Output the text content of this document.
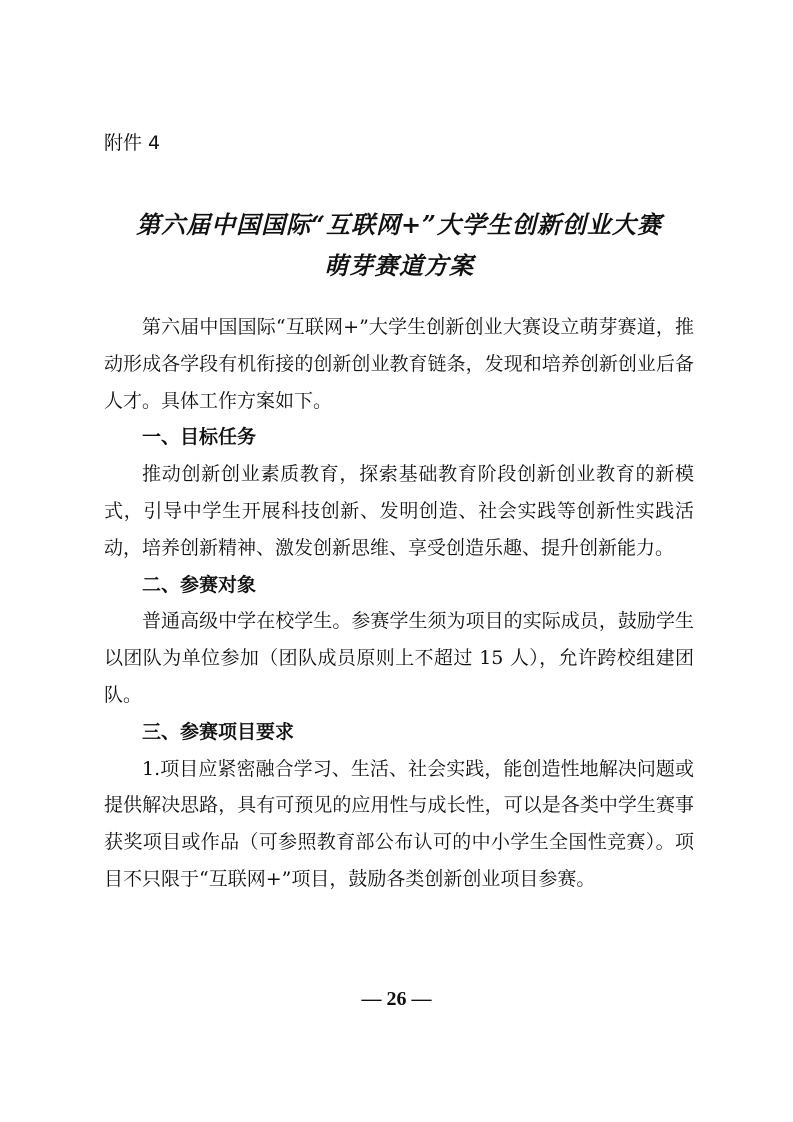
附件 4

第六届中国国际“互联网+”大学生创新创业大赛
萌芽赛道方案

第六届中国国际“互联网+”大学生创新创业大赛设立萌芽赛道，推动形成各学段有机衔接的创新创业教育链条，发现和培养创新创业后备人才。具体工作方案如下。

一、目标任务

推动创新创业素质教育，探索基础教育阶段创新创业教育的新模式，引导中学生开展科技创新、发明创造、社会实践等创新性实践活动，培养创新精神、激发创新思维、享受创造乐趣、提升创新能力。

二、参赛对象

普通高级中学在校学生。参赛学生须为项目的实际成员，鼓励学生以团队为单位参加（团队成员原则上不超过 15 人），允许跨校组建团队。

三、参赛项目要求

1.项目应紧密融合学习、生活、社会实践，能创造性地解决问题或提供解决思路，具有可预见的应用性与成长性，可以是各类中学生赛事获奖项目或作品（可参照教育部公布认可的中小学生全国性竞赛）。项目不只限于“互联网+”项目，鼓励各类创新创业项目参赛。

— 26 —
